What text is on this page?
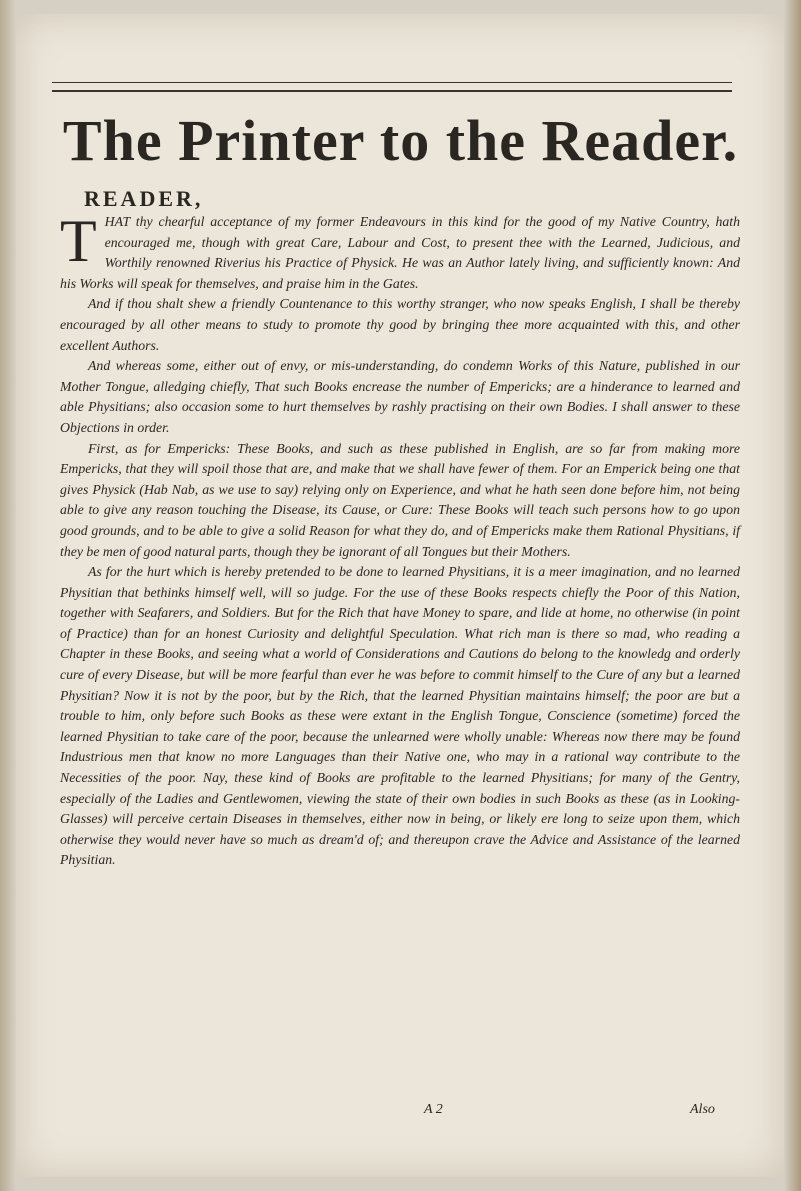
The Printer to the Reader.
READER,

THAT thy chearful acceptance of my former Endeavours in this kind for the good of my Native Country, hath encouraged me, though with great Care, Labour and Cost, to present thee with the Learned, Judicious, and Worthily renowned Riverius his Practice of Physick. He was an Author lately living, and sufficiently known: And his Works will speak for themselves, and praise him in the Gates.

And if thou shalt shew a friendly Countenance to this worthy stranger, who now speaks English, I shall be thereby encouraged by all other means to study to promote thy good by bringing thee more acquainted with this, and other excellent Authors.

And whereas some, either out of envy, or mis-understanding, do condemn Works of this Nature, published in our Mother Tongue, alledging chiefly, That such Books encrease the number of Empericks; are a hinderance to learned and able Physitians; also occasion some to hurt themselves by rashly practising on their own Bodies. I shall answer to these Objections in order.

First, as for Empericks: These Books, and such as these published in English, are so far from making more Empericks, that they will spoil those that are, and make that we shall have fewer of them. For an Emperick being one that gives Physick (Hab Nab, as we use to say) relying only on Experience, and what he hath seen done before him, not being able to give any reason touching the Disease, its Cause, or Cure: These Books will teach such persons how to go upon good grounds, and to be able to give a solid Reason for what they do, and of Empericks make them Rational Physitians, if they be men of good natural parts, though they be ignorant of all Tongues but their Mothers.

As for the hurt which is hereby pretended to be done to learned Physitians, it is a meer imagination, and no learned Physitian that bethinks himself well, will so judge. For the use of these Books respects chiefly the Poor of this Nation, together with Seafarers, and Soldiers. But for the Rich that have Money to spare, and lide at home, no otherwise (in point of Practice) than for an honest Curiosity and delightful Speculation. What rich man is there so mad, who reading a Chapter in these Books, and seeing what a world of Considerations and Cautions do belong to the knowledg and orderly cure of every Disease, but will be more fearful than ever he was before to commit himself to the Cure of any but a learned Physitian? Now it is not by the poor, but by the Rich, that the learned Physitian maintains himself; the poor are but a trouble to him, only before such Books as these were extant in the English Tongue, Conscience (sometime) forced the learned Physitian to take care of the poor, because the unlearned were wholly unable: Whereas now there may be found Industrious men that know no more Languages than their Native one, who may in a rational way contribute to the Necessities of the poor. Nay, these kind of Books are profitable to the learned Physitians; for many of the Gentry, especially of the Ladies and Gentlewomen, viewing the state of their own bodies in such Books as these (as in Looking-Glasses) will perceive certain Diseases in themselves, either now in being, or likely ere long to seize upon them, which otherwise they would never have so much as dream'd of; and thereupon crave the Advice and Assistance of the learned Physitian.

A 2	Also
